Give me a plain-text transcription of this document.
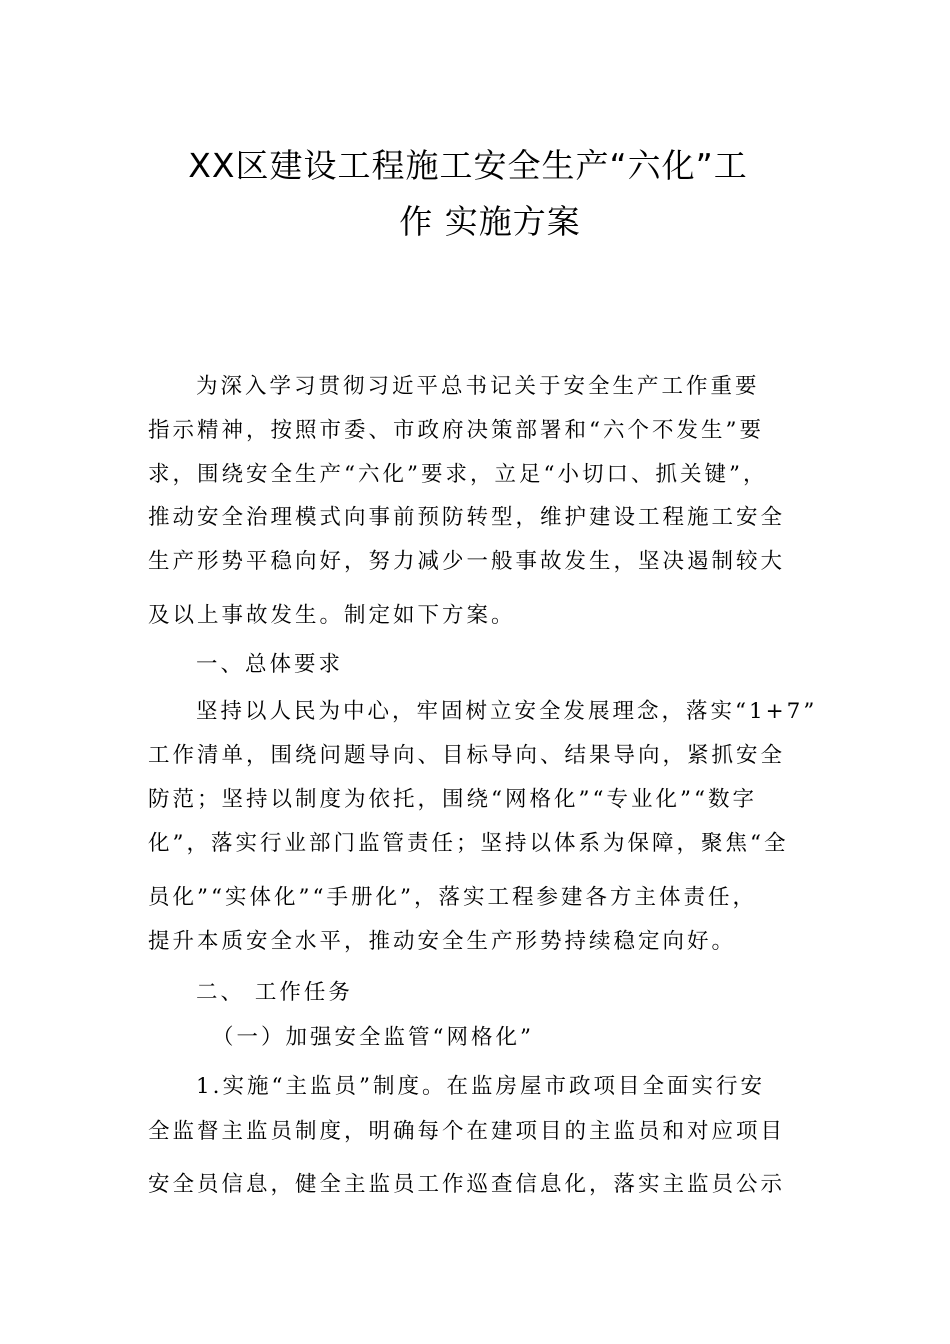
XX区建设工程施工安全生产“六化”工
作 实施方案
为深入学习贯彻习近平总书记关于安全生产工作重要
指示精神，按照市委、市政府决策部署和“六个不发生”要
求，围绕安全生产“六化”要求，立足“小切口、抓关键”，
推动安全治理模式向事前预防转型，维护建设工程施工安全
生产形势平稳向好，努力减少一般事故发生，坚决遏制较大
及以上事故发生。制定如下方案。
一、总体要求
坚持以人民为中心，牢固树立安全发展理念，落实“1+7”
工作清单，围绕问题导向、目标导向、结果导向，紧抓安全
防范；坚持以制度为依托，围绕“网格化”“专业化”“数字
化”，落实行业部门监管责任；坚持以体系为保障，聚焦“全
员化”“实体化”“手册化”，落实工程参建各方主体责任，
提升本质安全水平，推动安全生产形势持续稳定向好。
二、 工作任务
（一）加强安全监管“网格化”
1.实施“主监员”制度。在监房屋市政项目全面实行安
全监督主监员制度，明确每个在建项目的主监员和对应项目
安全员信息，健全主监员工作巡查信息化，落实主监员公示
